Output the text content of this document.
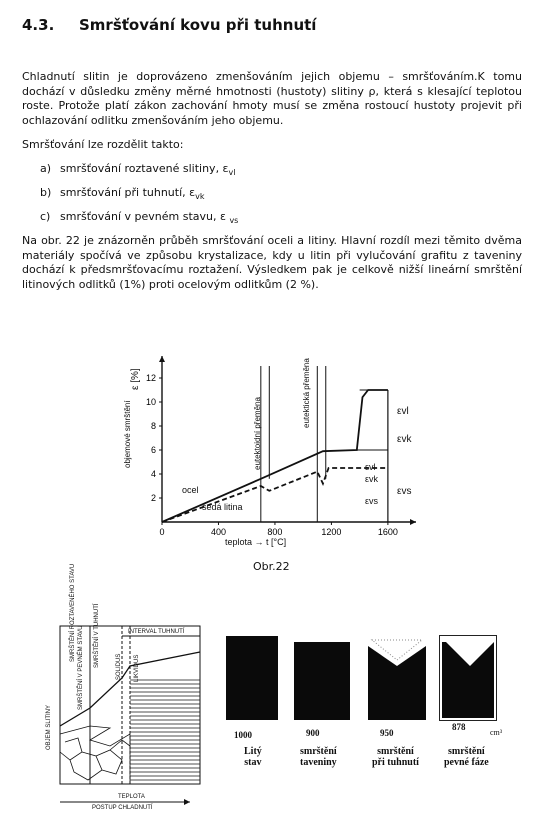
4.3. Smršťování kovu při tuhnutí
Chladnutí slitin je doprovázeno zmenšováním jejich objemu – smršťováním.K tomu dochází v důsledku změny měrné hmotnosti (hustoty) slitiny ρ, která s klesající teplotou roste. Protože platí zákon zachování hmoty musí se změna rostoucí hustoty projevit při ochlazování odlitku zmenšováním jeho objemu.
Smršťování lze rozdělit takto:
a) smršťování roztavené slitiny, $\varepsilon_{vl}$
b) smršťování při tuhnutí, $\varepsilon_{vk}$
c) smršťování v pevném stavu, ε $_{vs}$
Na obr. 22 je znázorněn průběh smršťování oceli a litiny. Hlavní rozdíl mezi těmito dvěma materiály spočívá ve způsobu krystalizace, kdy u litin při vylučování grafitu z taveniny dochází k předsmršťovacímu roztažení. Výsledkem pak je celkově nižší lineární smrštění litinových odlitků (1%) proti ocelovým odlitkům (2 %).
objemové smrštění
ε [%]
teplota → t [°C]
eutektoidní přeměna
eutektická přeměna
ocel
šedá litina
εvl
εvk
εvs
εvl
εvk
εvs
2
4
6
8
10
12
0	400	800	1200	1600
Obr.22
INTERVAL TUHNUTÍ
SMRŠTĚNÍ ROZTAVENÉHO STAVU	SMRŠTĚNÍ V TUHNUTÍ
SMRŠTĚNÍ V PEVNÉM STAVU	SOLIDUS LIKVIDUS
OBJEM SLITINY
TEPLOTA
POSTUP CHLADNUTÍ
1000	900	950
878
cm³
Litý
stav
smrštění
taveniny
smrštění
při tuhnutí
smrštění
pevné fáze
